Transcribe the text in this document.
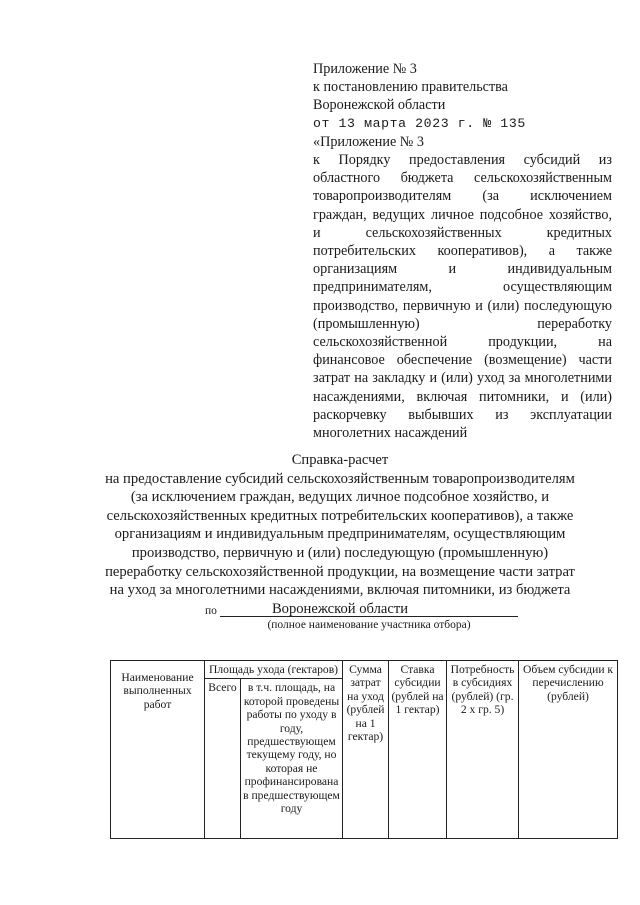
Приложение № 3
к постановлению правительства
Воронежской области
от 13 марта 2023 г. № 135
«Приложение № 3
к Порядку предоставления субсидий из областного бюджета сельскохозяйственным товаропроизводителям (за исключением граждан, ведущих личное подсобное хозяйство, и сельскохозяйственных кредитных потребительских кооперативов), а также организациям и индивидуальным предпринимателям, осуществляющим производство, первичную и (или) последующую (промышленную) переработку сельскохозяйственной продукции, на финансовое обеспечение (возмещение) части затрат на закладку и (или) уход за многолетними насаждениями, включая питомники, и (или) раскорчевку выбывших из эксплуатации многолетних насаждений
Справка-расчет
на предоставление субсидий сельскохозяйственным товаропроизводителям
(за исключением граждан, ведущих личное подсобное хозяйство, и
сельскохозяйственных кредитных потребительских кооперативов), а также
организациям и индивидуальным предпринимателям, осуществляющим
производство, первичную и (или) последующую (промышленную)
переработку сельскохозяйственной продукции, на возмещение части затрат
на уход за многолетними насаждениями, включая питомники, из бюджета
Воронежской области
по
(полное наименование участника отбора)
Наименование выполненных работ	Площадь ухода (гектаров)		Сумма затрат на уход (рублей на 1 гектар)	Ставка субсидии (рублей на 1 гектар)	Потребность в субсидиях (рублей) (гр. 2 х гр. 5)	Объем субсидии к перечислению (рублей)
	Всего	в т.ч. площадь, на которой проведены работы по уходу в году, предшествующем текущему году, но которая не профинансирована в предшествующем году				
